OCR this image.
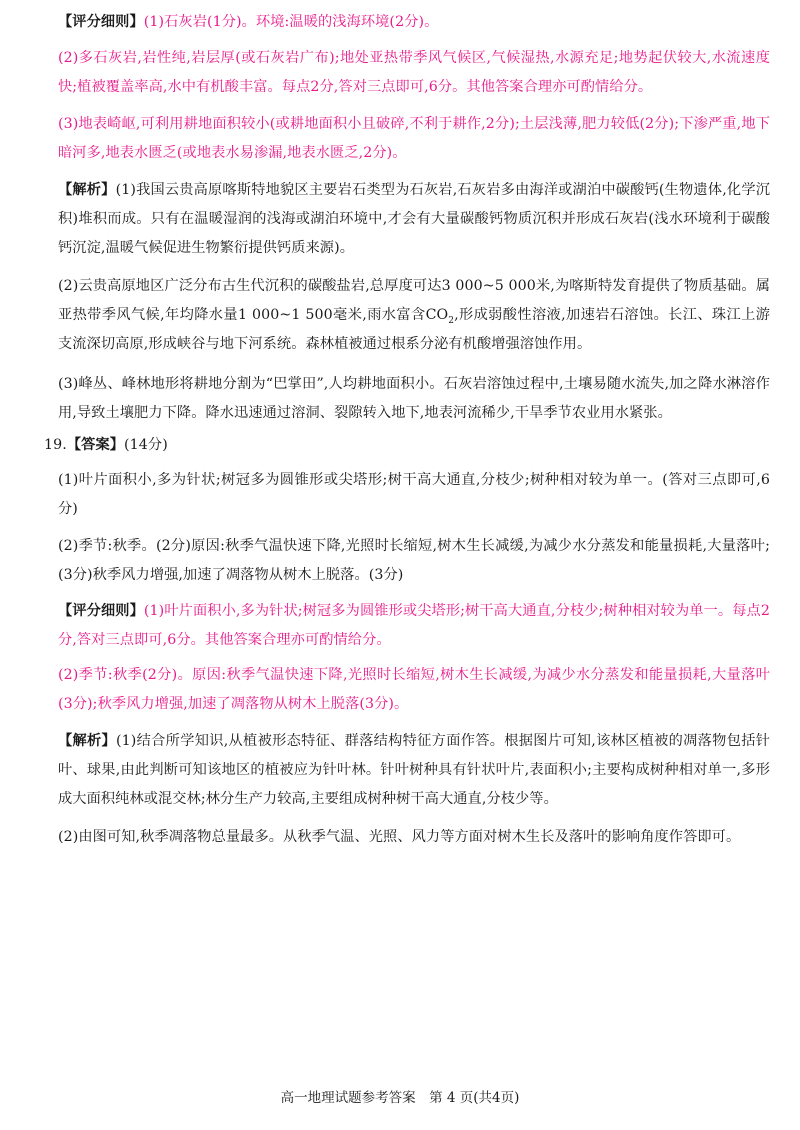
【评分细则】(1)石灰岩(1分)。环境:温暖的浅海环境(2分)。
(2)多石灰岩,岩性纯,岩层厚(或石灰岩广布);地处亚热带季风气候区,气候湿热,水源充足;地势起伏较大,水流速度快;植被覆盖率高,水中有机酸丰富。每点2分,答对三点即可,6分。其他答案合理亦可酌情给分。
(3)地表崎岖,可利用耕地面积较小(或耕地面积小且破碎,不利于耕作,2分);土层浅薄,肥力较低(2分);下渗严重,地下暗河多,地表水匮乏(或地表水易渗漏,地表水匮乏,2分)。
【解析】(1)我国云贵高原喀斯特地貌区主要岩石类型为石灰岩,石灰岩多由海洋或湖泊中碳酸钙(生物遗体,化学沉积)堆积而成。只有在温暖湿润的浅海或湖泊环境中,才会有大量碳酸钙物质沉积并形成石灰岩(浅水环境利于碳酸钙沉淀,温暖气候促进生物繁衍提供钙质来源)。
(2)云贵高原地区广泛分布古生代沉积的碳酸盐岩,总厚度可达3 000~5 000米,为喀斯特发育提供了物质基础。属亚热带季风气候,年均降水量1 000~1 500毫米,雨水富含$CO_2$,形成弱酸性溶液,加速岩石溶蚀。长江、珠江上游支流深切高原,形成峡谷与地下河系统。森林植被通过根系分泌有机酸增强溶蚀作用。
(3)峰丛、峰林地形将耕地分割为“巴掌田”,人均耕地面积小。石灰岩溶蚀过程中,土壤易随水流失,加之降水淋溶作用,导致土壤肥力下降。降水迅速通过溶洞、裂隙转入地下,地表河流稀少,干旱季节农业用水紧张。
19.【答案】(14分)
(1)叶片面积小,多为针状;树冠多为圆锥形或尖塔形;树干高大通直,分枝少;树种相对较为单一。(答对三点即可,6分)
(2)季节:秋季。(2分)原因:秋季气温快速下降,光照时长缩短,树木生长减缓,为减少水分蒸发和能量损耗,大量落叶;(3分)秋季风力增强,加速了凋落物从树木上脱落。(3分)
【评分细则】(1)叶片面积小,多为针状;树冠多为圆锥形或尖塔形;树干高大通直,分枝少;树种相对较为单一。每点2分,答对三点即可,6分。其他答案合理亦可酌情给分。
(2)季节:秋季(2分)。原因:秋季气温快速下降,光照时长缩短,树木生长减缓,为减少水分蒸发和能量损耗,大量落叶(3分);秋季风力增强,加速了凋落物从树木上脱落(3分)。
【解析】(1)结合所学知识,从植被形态特征、群落结构特征方面作答。根据图片可知,该林区植被的凋落物包括针叶、球果,由此判断可知该地区的植被应为针叶林。针叶树种具有针状叶片,表面积小;主要构成树种相对单一,多形成大面积纯林或混交林;林分生产力较高,主要组成树种树干高大通直,分枝少等。
(2)由图可知,秋季凋落物总量最多。从秋季气温、光照、风力等方面对树木生长及落叶的影响角度作答即可。
高一地理试题参考答案　第 4 页(共4页)
